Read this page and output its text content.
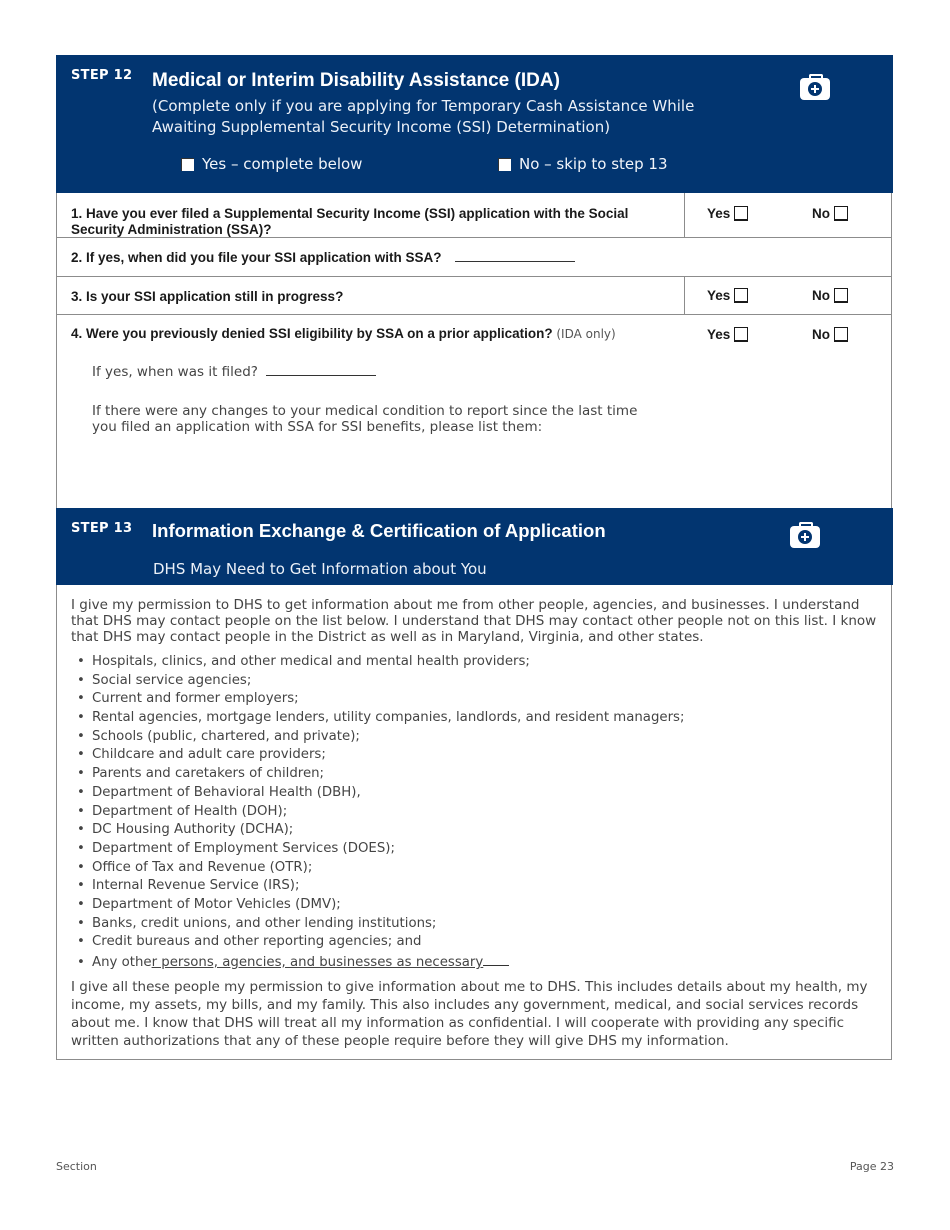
STEP 12 Medical or Interim Disability Assistance (IDA)
(Complete only if you are applying for Temporary Cash Assistance While
Awaiting Supplemental Security Income (SSI) Determination)
Yes – complete below	No – skip to step 13
1. Have you ever filed a Supplemental Security Income (SSI) application with the Social
Security Administration (SSA)?
Yes	No
2. If yes, when did you file your SSI application with SSA?
3. Is your SSI application still in progress?	Yes	No
4. Were you previously denied SSI eligibility by SSA on a prior application? (IDA only)	Yes	No
If yes, when was it filed?
If there were any changes to your medical condition to report since the last time
you filed an application with SSA for SSI benefits, please list them:
STEP 13 Information Exchange & Certification of Application
DHS May Need to Get Information about You
I give my permission to DHS to get information about me from other people, agencies, and businesses. I understand
that DHS may contact people on the list below. I understand that DHS may contact other people not on this list. I know
that DHS may contact people in the District as well as in Maryland, Virginia, and other states.
• Hospitals, clinics, and other medical and mental health providers;
• Social service agencies;
• Current and former employers;
• Rental agencies, mortgage lenders, utility companies, landlords, and resident managers;
• Schools (public, chartered, and private);
• Childcare and adult care providers;
• Parents and caretakers of children;
• Department of Behavioral Health (DBH),
• Department of Health (DOH);
• DC Housing Authority (DCHA);
• Department of Employment Services (DOES);
• Office of Tax and Revenue (OTR);
• Internal Revenue Service (IRS);
• Department of Motor Vehicles (DMV);
• Banks, credit unions, and other lending institutions;
• Credit bureaus and other reporting agencies; and
• Any other persons, agencies, and businesses as necessary
I give all these people my permission to give information about me to DHS. This includes details about my health, my
income, my assets, my bills, and my family. This also includes any government, medical, and social services records
about me. I know that DHS will treat all my information as confidential. I will cooperate with providing any specific
written authorizations that any of these people require before they will give DHS my information.
Section	Page 23
